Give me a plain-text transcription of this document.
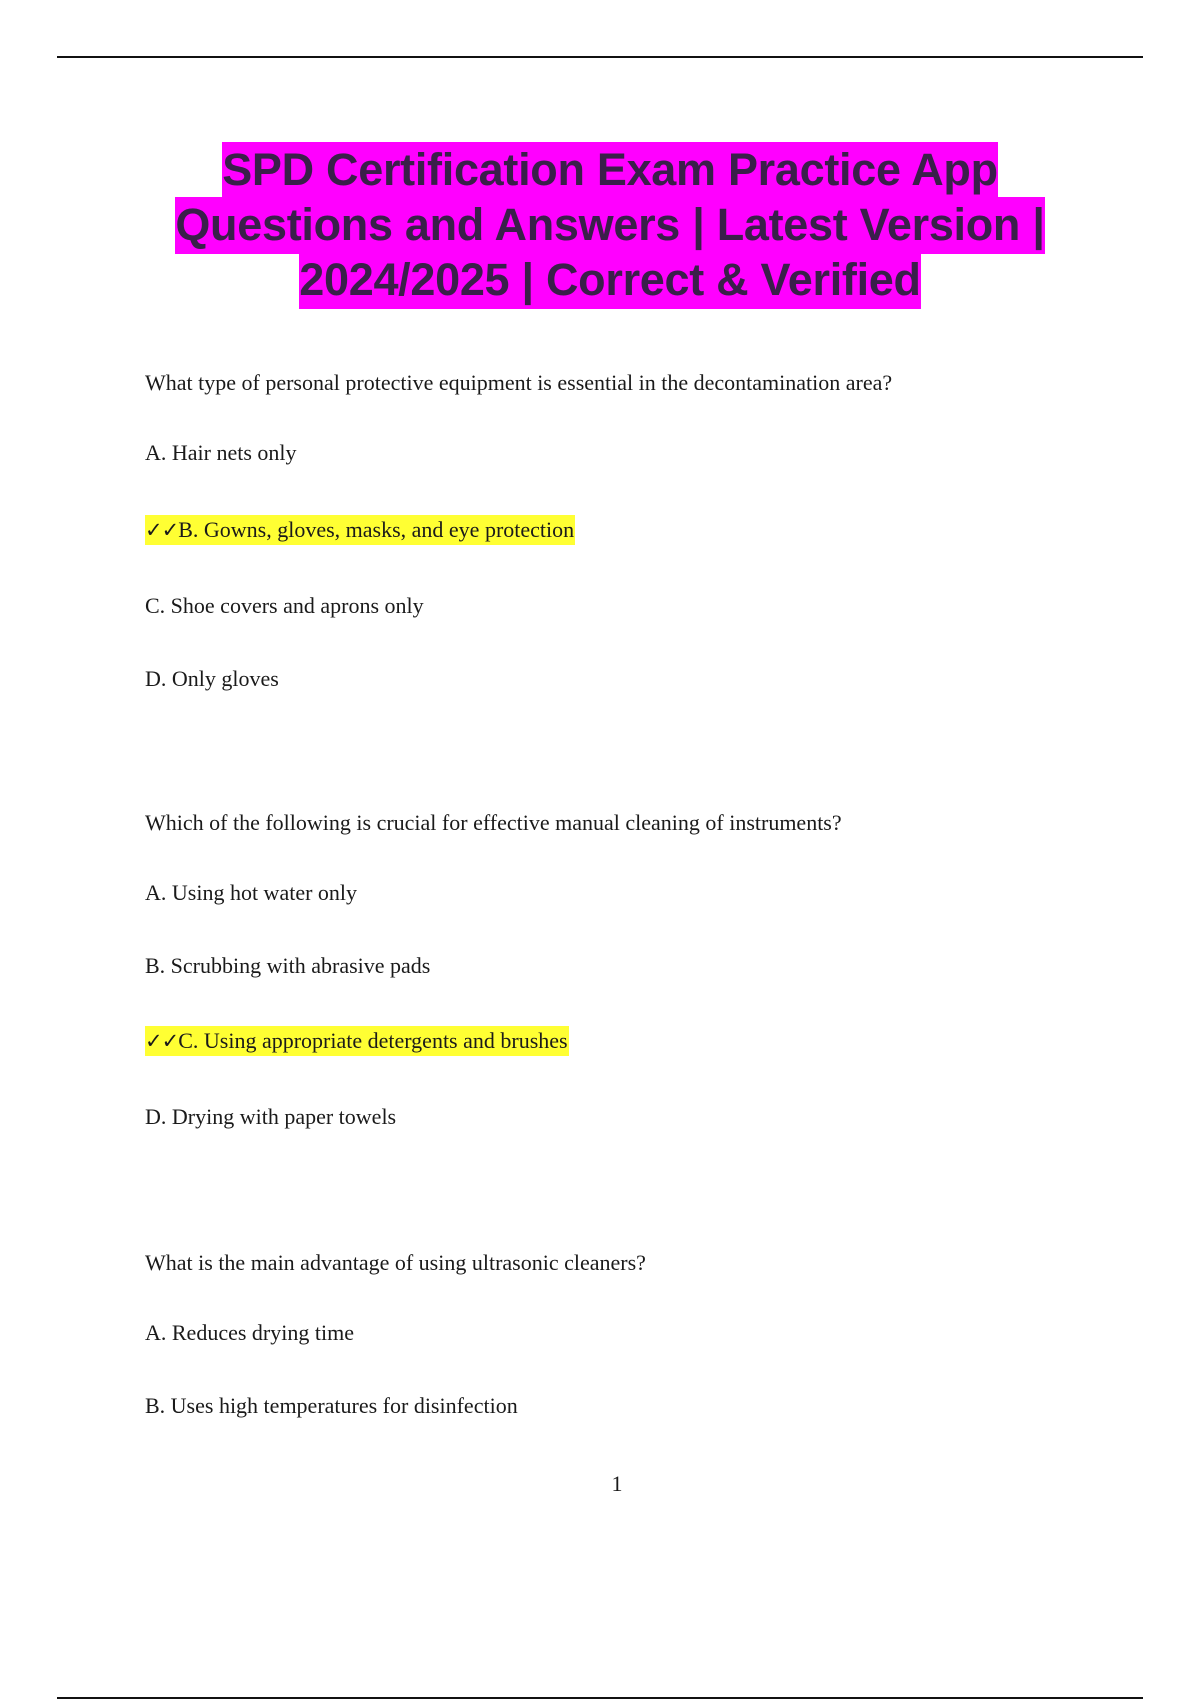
SPD Certification Exam Practice App Questions and Answers | Latest Version | 2024/2025 | Correct & Verified
What type of personal protective equipment is essential in the decontamination area?
A. Hair nets only
✓✓B. Gowns, gloves, masks, and eye protection
C. Shoe covers and aprons only
D. Only gloves
Which of the following is crucial for effective manual cleaning of instruments?
A. Using hot water only
B. Scrubbing with abrasive pads
✓✓C. Using appropriate detergents and brushes
D. Drying with paper towels
What is the main advantage of using ultrasonic cleaners?
A. Reduces drying time
B. Uses high temperatures for disinfection
1
